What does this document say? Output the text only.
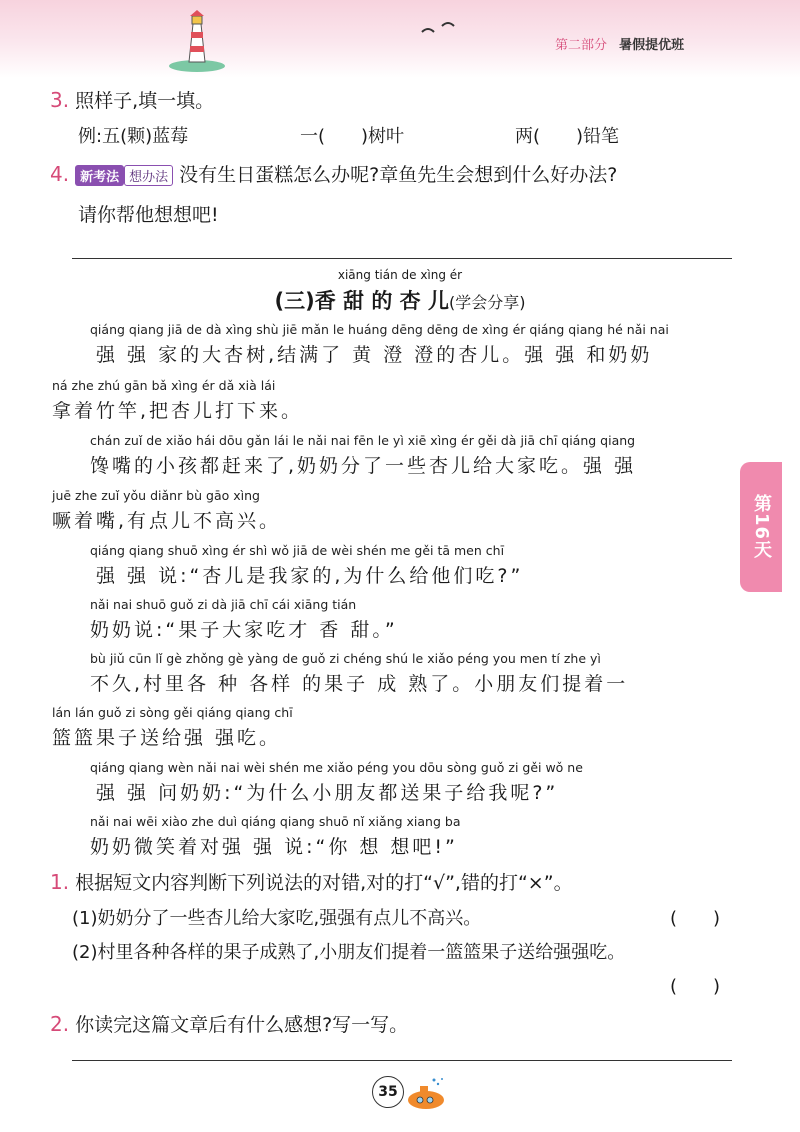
第二部分 暑假提优班
3. 照样子,填一填。
例:五(颗)蓝莓	一(　　)树叶	两(　　)铅笔
4. 新考法 想办法 没有生日蛋糕怎么办呢?章鱼先生会想到什么好办法?
请你帮他想想吧!
xiāng tián de xìng ér
(三)香 甜 的 杏 儿(学会分享)
qiáng qiang jiā de dà xìng shù jiē mǎn le huáng dēng dēng de xìng ér qiáng qiang hé nǎi nai
强 强 家的大杏树,结满了 黄 澄 澄的杏儿。强 强 和奶奶
ná zhe zhú gān bǎ xìng ér dǎ xià lái
拿着竹竿,把杏儿打下来。
chán zuǐ de xiǎo hái dōu gǎn lái le nǎi nai fēn le yì xiē xìng ér gěi dà jiā chī qiáng qiang
馋嘴的小孩都赶来了,奶奶分了一些杏儿给大家吃。强 强
juē zhe zuǐ yǒu diǎnr bù gāo xìng
噘着嘴,有点儿不高兴。
qiáng qiang shuō xìng ér shì wǒ jiā de wèi shén me gěi tā men chī
强 强 说:“杏儿是我家的,为什么给他们吃?”
nǎi nai shuō guǒ zi dà jiā chī cái xiāng tián
奶奶说:“果子大家吃才 香 甜。”
bù jiǔ cūn lǐ gè zhǒng gè yàng de guǒ zi chéng shú le xiǎo péng you men tí zhe yì
不久,村里各 种 各样 的果子 成 熟了。小朋友们提着一
lán lán guǒ zi sòng gěi qiáng qiang chī
篮篮果子送给强 强吃。
qiáng qiang wèn nǎi nai wèi shén me xiǎo péng you dōu sòng guǒ zi gěi wǒ ne
强 强 问奶奶:“为什么小朋友都送果子给我呢?”
nǎi nai wēi xiào zhe duì qiáng qiang shuō nǐ xiǎng xiang ba
奶奶微笑着对强 强 说:“你 想 想吧!”
第16天
1. 根据短文内容判断下列说法的对错,对的打“√”,错的打“×”。
(1)奶奶分了一些杏儿给大家吃,强强有点儿不高兴。	(　　)
(2)村里各种各样的果子成熟了,小朋友们提着一篮篮果子送给强强吃。
(　　)
2. 你读完这篇文章后有什么感想?写一写。
35
